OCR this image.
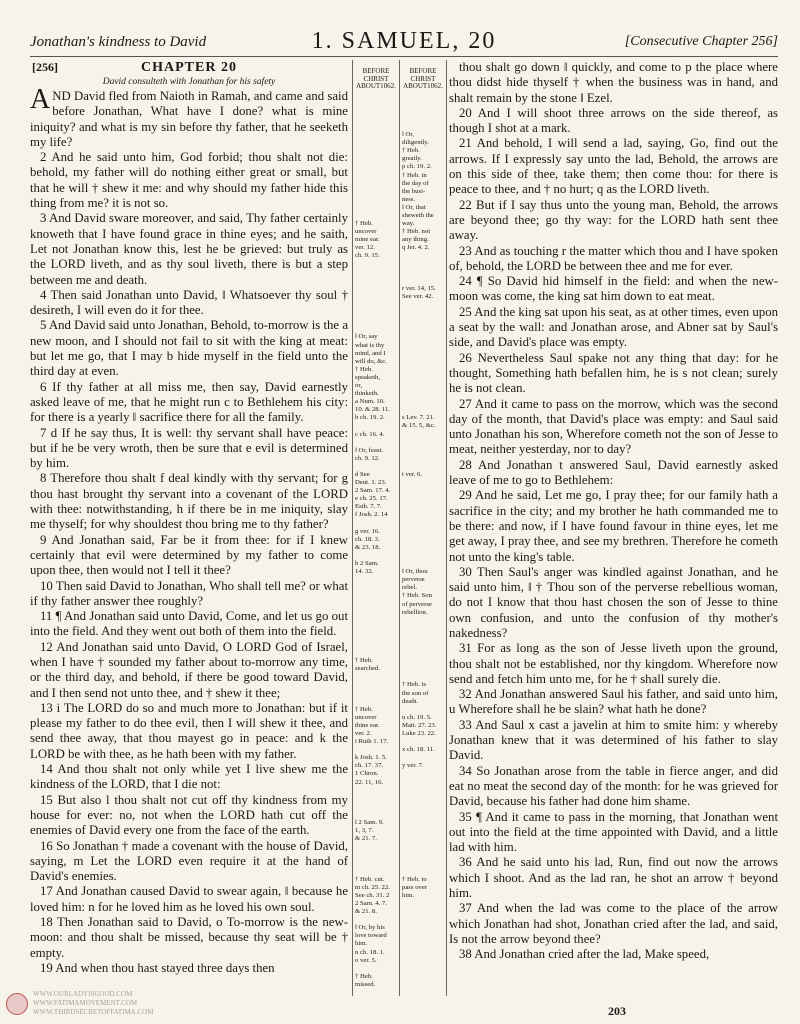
Jonathan's kindness to David	1. SAMUEL, 20	[Consecutive Chapter 256]
[256]	CHAPTER 20
David consulteth with Jonathan for his safety

AND David fled from Naioth in Ramah, and came and said before Jonathan, What have I done? what is mine iniquity? and what is my sin before thy father, that he seeketh my life?

2 And he said unto him, God forbid; thou shalt not die: behold, my father will do nothing either great or small, but that he will † shew it me: and why should my father hide this thing from me? it is not so.

3 And David sware moreover, and said, Thy father certainly knoweth that I have found grace in thine eyes; and he saith, Let not Jonathan know this, lest he be grieved: but truly as the LORD liveth, and as thy soul liveth, there is but a step between me and death.

4 Then said Jonathan unto David, ‖ Whatsoever thy soul † desireth, I will even do it for thee.

5 And David said unto Jonathan, Behold, to-morrow is the a new moon, and I should not fail to sit with the king at meat: but let me go, that I may b hide myself in the field unto the third day at even.

6 If thy father at all miss me, then say, David earnestly asked leave of me, that he might run c to Bethlehem his city: for there is a yearly ‖ sacrifice there for all the family.

7 d If he say thus, It is well: thy servant shall have peace: but if he be very wroth, then be sure that e evil is determined by him.

8 Therefore thou shalt f deal kindly with thy servant; for g thou hast brought thy servant into a covenant of the LORD with thee: notwithstanding, h if there be in me iniquity, slay me thyself; for why shouldest thou bring me to thy father?

9 And Jonathan said, Far be it from thee: for if I knew certainly that evil were determined by my father to come upon thee, then would not I tell it thee?

10 Then said David to Jonathan, Who shall tell me? or what if thy father answer thee roughly?

11 ¶ And Jonathan said unto David, Come, and let us go out into the field. And they went out both of them into the field.

12 And Jonathan said unto David, O LORD God of Israel, when I have † sounded my father about to-morrow any time, or the third day, and behold, if there be good toward David, and I then send not unto thee, and † shew it thee;

13 i The LORD do so and much more to Jonathan: but if it please my father to do thee evil, then I will shew it thee, and send thee away, that thou mayest go in peace: and k the LORD be with thee, as he hath been with my father.

14 And thou shalt not only while yet I live shew me the kindness of the LORD, that I die not:

15 But also l thou shalt not cut off thy kindness from my house for ever: no, not when the LORD hath cut off the enemies of David every one from the face of the earth.

16 So Jonathan † made a covenant with the house of David, saying, m Let the LORD even require it at the hand of David's enemies.

17 And Jonathan caused David to swear again, ‖ because he loved him: n for he loved him as he loved his own soul.

18 Then Jonathan said to David, o To-morrow is the new-moon: and thou shalt be missed, because thy seat will be † empty.

19 And when thou hast stayed three days then

BEFORE
CHRIST
ABOUT1062.

† Heb.
uncover
mine ear.
ver. 12.
ch. 9. 15.

‖ Or, say
what is thy
mind, and I
will do, &c.
† Heb.
speaketh,
or,
thinketh.
a Num. 10.
10. & 28. 11.
b ch. 19. 2.

c ch. 16. 4.

‖ Or, feast.
ch. 9. 12.

d See
Deut. 1. 23.
2 Sam. 17. 4.
e ch. 25. 17.
Esth. 7. 7.
f Josh. 2. 14

g ver. 16.
ch. 18. 3.
& 23. 18.

h 2 Sam.
14. 32.

† Heb.
searched.

† Heb.
uncover
thine ear.
ver. 2.
i Ruth 1. 17.

k Josh. 1. 5.
ch. 17. 37.
1 Chron.
22. 11, 16.

l 2 Sam. 9.
1, 3, 7.
& 21. 7.

† Heb. cut.
m ch. 25. 22.
See ch. 31. 2
2 Sam. 4. 7.
& 21. 8.

‖ Or, by his
love toward
him.
n ch. 18. 1.
o ver. 5.

† Heb.
missed.

BEFORE
CHRIST
ABOUT1062.

‖ Or,
diligently.
† Heb.
greatly.
p ch. 19. 2.
† Heb. in
the day of
the busi-
ness.
‖ Or, that
sheweth the
way.
† Heb. not
any thing.
q Jer. 4. 2.

r ver. 14, 15.
See ver. 42.

s Lev. 7. 21.
& 15. 5, &c.

t ver. 6.

‖ Or, thou
perverse
rebel.
† Heb. Son
of perverse
rebellion.

† Heb. is
the son of
death.

u ch. 19. 5.
Matt. 27. 23.
Luke 23. 22.

x ch. 18. 11.

y ver. 7.

† Heb. to
pass over
him.

thou shalt go down ‖ quickly, and come to p the place where thou didst hide thyself † when the business was in hand, and shalt remain by the stone ‖ Ezel.

20 And I will shoot three arrows on the side thereof, as though I shot at a mark.

21 And behold, I will send a lad, saying, Go, find out the arrows. If I expressly say unto the lad, Behold, the arrows are on this side of thee, take them; then come thou: for there is peace to thee, and † no hurt; q as the LORD liveth.

22 But if I say thus unto the young man, Behold, the arrows are beyond thee; go thy way: for the LORD hath sent thee away.

23 And as touching r the matter which thou and I have spoken of, behold, the LORD be between thee and me for ever.

24 ¶ So David hid himself in the field: and when the new-moon was come, the king sat him down to eat meat.

25 And the king sat upon his seat, as at other times, even upon a seat by the wall: and Jonathan arose, and Abner sat by Saul's side, and David's place was empty.

26 Nevertheless Saul spake not any thing that day: for he thought, Something hath befallen him, he is s not clean; surely he is not clean.

27 And it came to pass on the morrow, which was the second day of the month, that David's place was empty: and Saul said unto Jonathan his son, Wherefore cometh not the son of Jesse to meat, neither yesterday, nor to day?

28 And Jonathan t answered Saul, David earnestly asked leave of me to go to Bethlehem:

29 And he said, Let me go, I pray thee; for our family hath a sacrifice in the city; and my brother he hath commanded me to be there: and now, if I have found favour in thine eyes, let me get away, I pray thee, and see my brethren. Therefore he cometh not unto the king's table.

30 Then Saul's anger was kindled against Jonathan, and he said unto him, ‖ † Thou son of the perverse rebellious woman, do not I know that thou hast chosen the son of Jesse to thine own confusion, and unto the confusion of thy mother's nakedness?

31 For as long as the son of Jesse liveth upon the ground, thou shalt not be established, nor thy kingdom. Wherefore now send and fetch him unto me, for he † shall surely die.

32 And Jonathan answered Saul his father, and said unto him, u Wherefore shall he be slain? what hath he done?

33 And Saul x cast a javelin at him to smite him: y whereby Jonathan knew that it was determined of his father to slay David.

34 So Jonathan arose from the table in fierce anger, and did eat no meat the second day of the month: for he was grieved for David, because his father had done him shame.

35 ¶ And it came to pass in the morning, that Jonathan went out into the field at the time appointed with David, and a little lad with him.

36 And he said unto his lad, Run, find out now the arrows which I shoot. And as the lad ran, he shot an arrow † beyond him.

37 And when the lad was come to the place of the arrow which Jonathan had shot, Jonathan cried after the lad, and said, Is not the arrow beyond thee?

38 And Jonathan cried after the lad, Make speed,

203
WWW.OURLADYISGOOD.COM
WWW.FATIMAMOVEMENT.COM
WWW.THIRDSECRETOFFATIMA.COM
